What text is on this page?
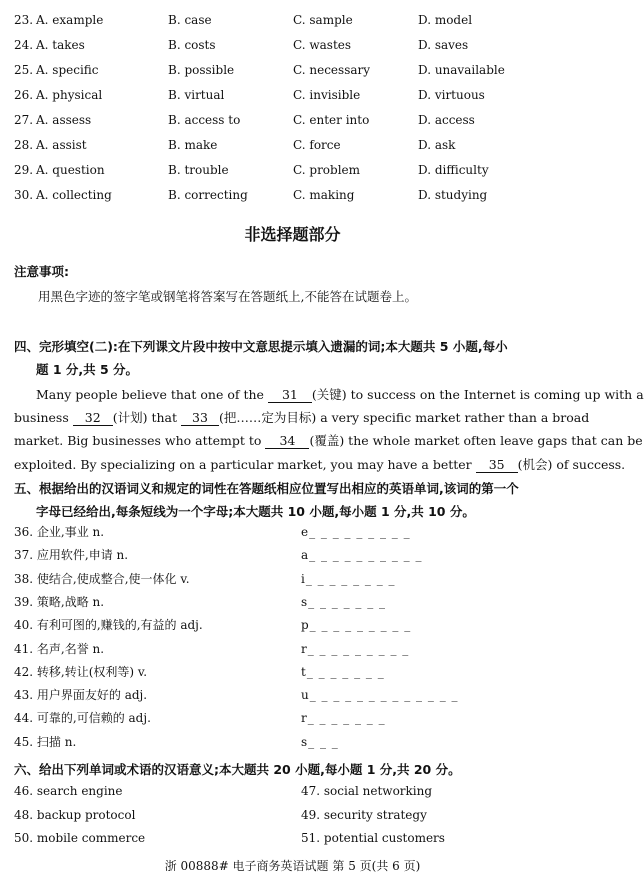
23. A. example	B. case	C. sample	D. model
24. A. takes	B. costs	C. wastes	D. saves
25. A. specific	B. possible	C. necessary	D. unavailable
26. A. physical	B. virtual	C. invisible	D. virtuous
27. A. assess	B. access to	C. enter into	D. access
28. A. assist	B. make	C. force	D. ask
29. A. question	B. trouble	C. problem	D. difficulty
30. A. collecting	B. correcting	C. making	D. studying
非选择题部分
注意事项:
用黑色字迹的签字笔或钢笔将答案写在答题纸上,不能答在试题卷上。
四、完形填空(二):在下列课文片段中按中文意思提示填入遗漏的词;本大题共 5 小题,每小
题 1 分,共 5 分。
Many people believe that one of the 31 (关键) to success on the Internet is coming up with a
business 32 (计划) that 33 (把……定为目标) a very specific market rather than a broad
market. Big businesses who attempt to 34 (覆盖) the whole market often leave gaps that can be
exploited. By specializing on a particular market, you may have a better 35 (机会) of success.
五、根据给出的汉语词义和规定的词性在答题纸相应位置写出相应的英语单词,该词的第一个
字母已经给出,每条短线为一个字母;本大题共 10 小题,每小题 1 分,共 10 分。
36. 企业,事业 n.	e_ _ _ _ _ _ _ _ _
37. 应用软件,申请 n.	a_ _ _ _ _ _ _ _ _ _
38. 使结合,使成整合,使一体化 v.	i_ _ _ _ _ _ _ _
39. 策略,战略 n.	s_ _ _ _ _ _ _
40. 有利可图的,赚钱的,有益的 adj.	p_ _ _ _ _ _ _ _ _
41. 名声,名誉 n.	r_ _ _ _ _ _ _ _ _
42. 转移,转让(权利等) v.	t_ _ _ _ _ _ _
43. 用户界面友好的 adj.	u_ _ _ _ _ _ _ _ _ _ _ _ _
44. 可靠的,可信赖的 adj.	r_ _ _ _ _ _ _
45. 扫描 n.	s_ _ _
六、给出下列单词或术语的汉语意义;本大题共 20 小题,每小题 1 分,共 20 分。
46. search engine	47. social networking
48. backup protocol	49. security strategy
50. mobile commerce	51. potential customers
浙 00888# 电子商务英语试题 第 5 页(共 6 页)
